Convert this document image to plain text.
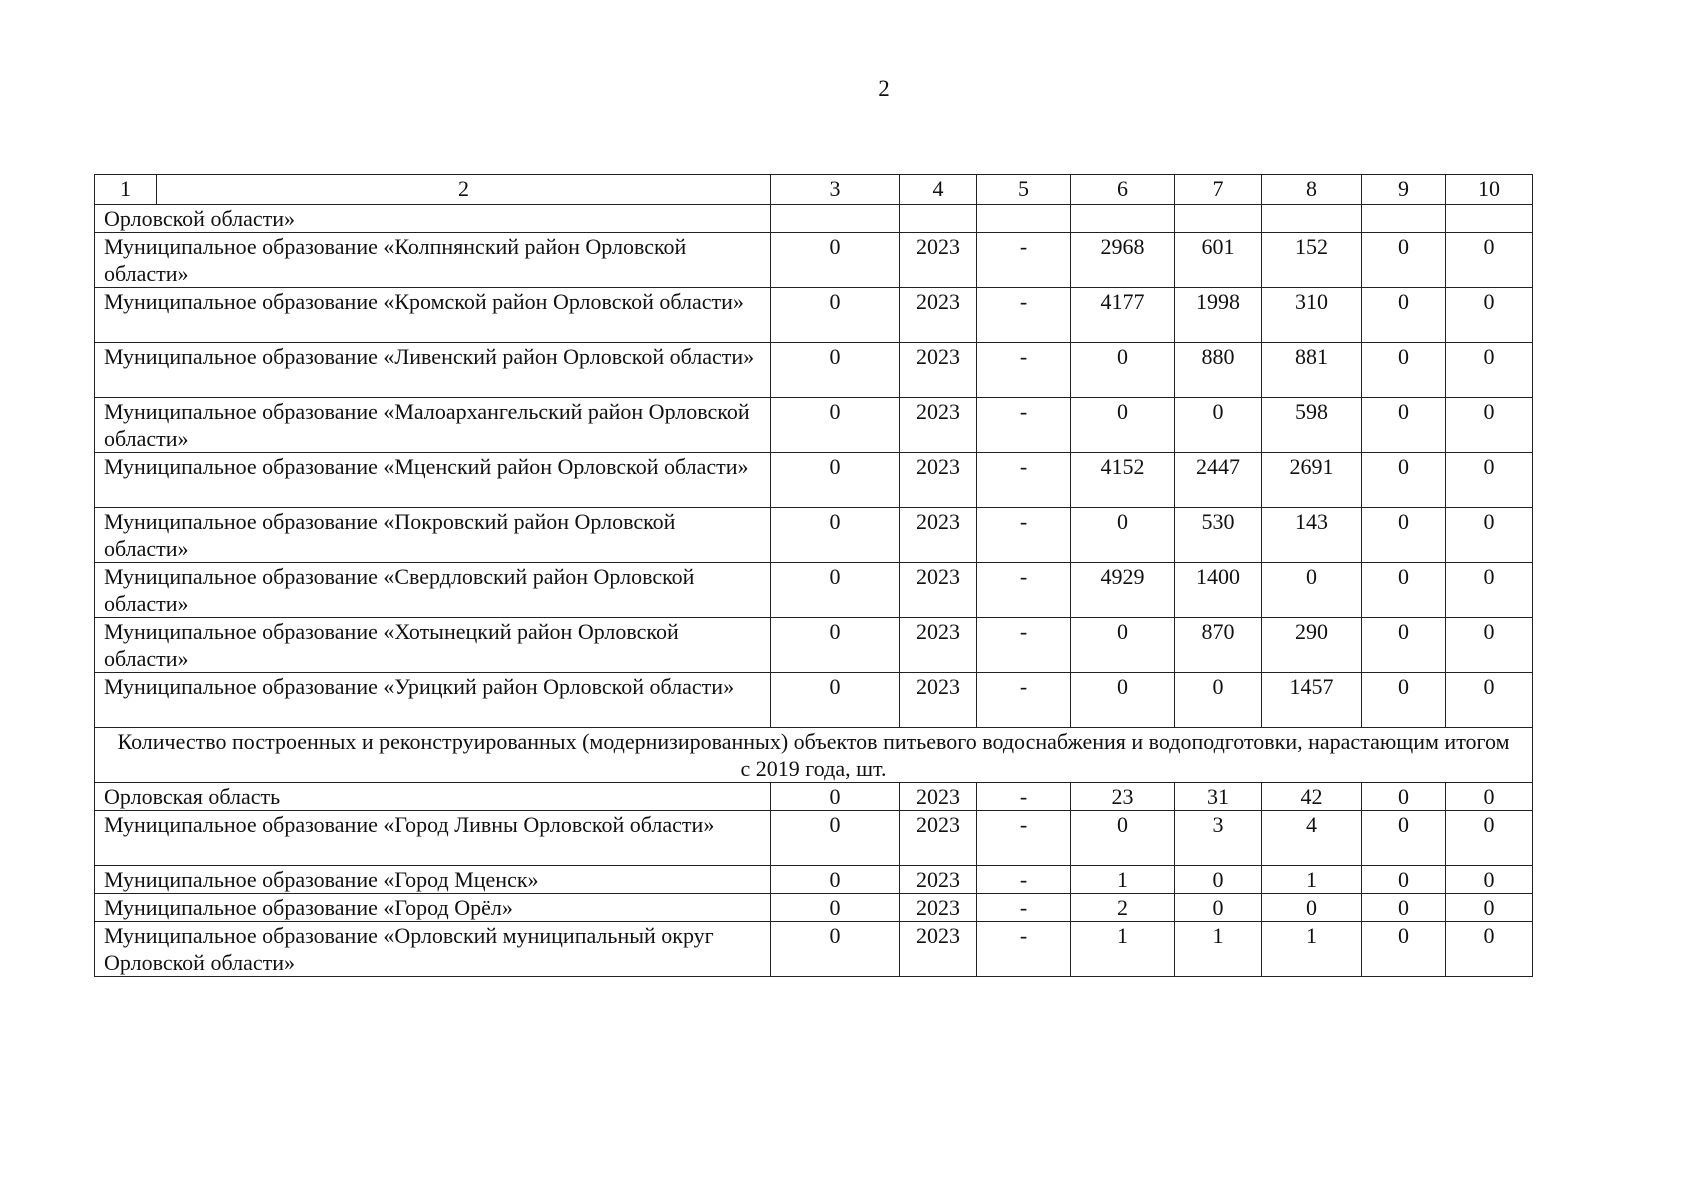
2
1	2	3	4	5	6	7	8	9	10
Орловской области»									
Муниципальное образование «Колпнянский район Орловской области»		0	2023	-	2968	601	152	0	0
Муниципальное образование «Кромской район Орловской области»		0	2023	-	4177	1998	310	0	0
Муниципальное образование «Ливенский район Орловской области»		0	2023	-	0	880	881	0	0
Муниципальное образование «Малоархангельский район Орловской области»		0	2023	-	0	0	598	0	0
Муниципальное образование «Мценский район Орловской области»		0	2023	-	4152	2447	2691	0	0
Муниципальное образование «Покровский район Орловской области»		0	2023	-	0	530	143	0	0
Муниципальное образование «Свердловский район Орловской области»		0	2023	-	4929	1400	0	0	0
Муниципальное образование «Хотынецкий район Орловской области»		0	2023	-	0	870	290	0	0
Муниципальное образование «Урицкий район Орловской области»		0	2023	-	0	0	1457	0	0
Количество построенных и реконструированных (модернизированных) объектов питьевого водоснабжения и водоподготовки, нарастающим итогом с 2019 года, шт.									
Орловская область		0	2023	-	23	31	42	0	0
Муниципальное образование «Город Ливны Орловской области»		0	2023	-	0	3	4	0	0
Муниципальное образование «Город Мценск»		0	2023	-	1	0	1	0	0
Муниципальное образование «Город Орёл»		0	2023	-	2	0	0	0	0
Муниципальное образование «Орловский муниципальный округ Орловской области»		0	2023	-	1	1	1	0	0
